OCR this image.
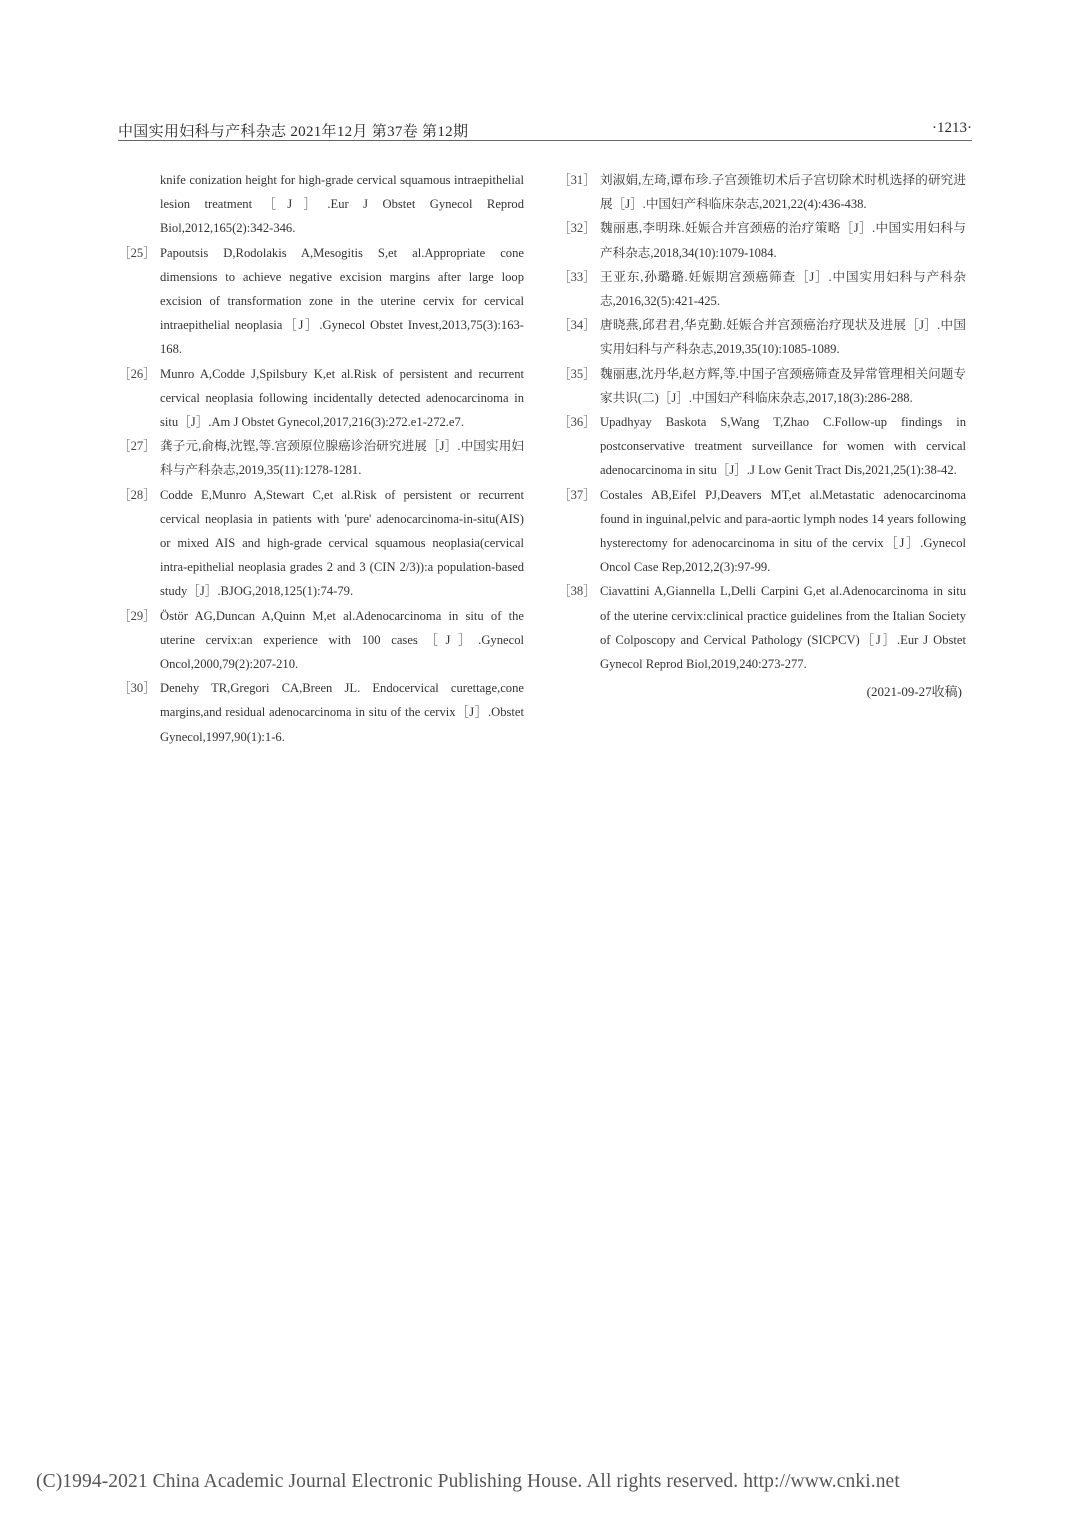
中国实用妇科与产科杂志 2021年12月 第37卷 第12期	·1213·
knife conization height for high-grade cervical squamous intraepithelial lesion treatment［J］.Eur J Obstet Gynecol Reprod Biol,2012,165(2):342-346.
［25］ Papoutsis D,Rodolakis A,Mesogitis S,et al.Appropriate cone dimensions to achieve negative excision margins after large loop excision of transformation zone in the uterine cervix for cervical intraepithelial neoplasia［J］.Gynecol Obstet Invest,2013,75(3):163-168.
［26］ Munro A,Codde J,Spilsbury K,et al.Risk of persistent and recurrent cervical neoplasia following incidentally detected adenocarcinoma in situ［J］.Am J Obstet Gynecol,2017,216(3):272.e1-272.e7.
［27］ 龚子元,俞梅,沈铿,等.宫颈原位腺癌诊治研究进展［J］.中国实用妇科与产科杂志,2019,35(11):1278-1281.
［28］ Codde E,Munro A,Stewart C,et al.Risk of persistent or recurrent cervical neoplasia in patients with 'pure' adenocarcinoma-in-situ(AIS) or mixed AIS and high-grade cervical squamous neoplasia(cervical intra-epithelial neoplasia grades 2 and 3 (CIN 2/3)):a population-based study［J］.BJOG,2018,125(1):74-79.
［29］ Östör AG,Duncan A,Quinn M,et al.Adenocarcinoma in situ of the uterine cervix:an experience with 100 cases［J］.Gynecol Oncol,2000,79(2):207-210.
［30］ Denehy TR,Gregori CA,Breen JL. Endocervical curettage,cone margins,and residual adenocarcinoma in situ of the cervix［J］.Obstet Gynecol,1997,90(1):1-6.
［31］ 刘淑娟,左琦,谭布珍.子宫颈锥切术后子宫切除术时机选择的研究进展［J］.中国妇产科临床杂志,2021,22(4):436-438.
［32］ 魏丽惠,李明珠.妊娠合并宫颈癌的治疗策略［J］.中国实用妇科与产科杂志,2018,34(10):1079-1084.
［33］ 王亚东,孙璐璐.妊娠期宫颈癌筛查［J］.中国实用妇科与产科杂志,2016,32(5):421-425.
［34］ 唐晓燕,邱君君,华克勤.妊娠合并宫颈癌治疗现状及进展［J］.中国实用妇科与产科杂志,2019,35(10):1085-1089.
［35］ 魏丽惠,沈丹华,赵方辉,等.中国子宫颈癌筛查及异常管理相关问题专家共识(二)［J］.中国妇产科临床杂志,2017,18(3):286-288.
［36］ Upadhyay Baskota S,Wang T,Zhao C.Follow-up findings in postconservative treatment surveillance for women with cervical adenocarcinoma in situ［J］.J Low Genit Tract Dis,2021,25(1):38-42.
［37］ Costales AB,Eifel PJ,Deavers MT,et al.Metastatic adenocarcinoma found in inguinal,pelvic and para-aortic lymph nodes 14 years following hysterectomy for adenocarcinoma in situ of the cervix［J］.Gynecol Oncol Case Rep,2012,2(3):97-99.
［38］ Ciavattini A,Giannella L,Delli Carpini G,et al.Adenocarcinoma in situ of the uterine cervix:clinical practice guidelines from the Italian Society of Colposcopy and Cervical Pathology (SICPCV)［J］.Eur J Obstet Gynecol Reprod Biol,2019,240:273-277.
(2021-09-27收稿)
(C)1994-2021 China Academic Journal Electronic Publishing House. All rights reserved. http://www.cnki.net
